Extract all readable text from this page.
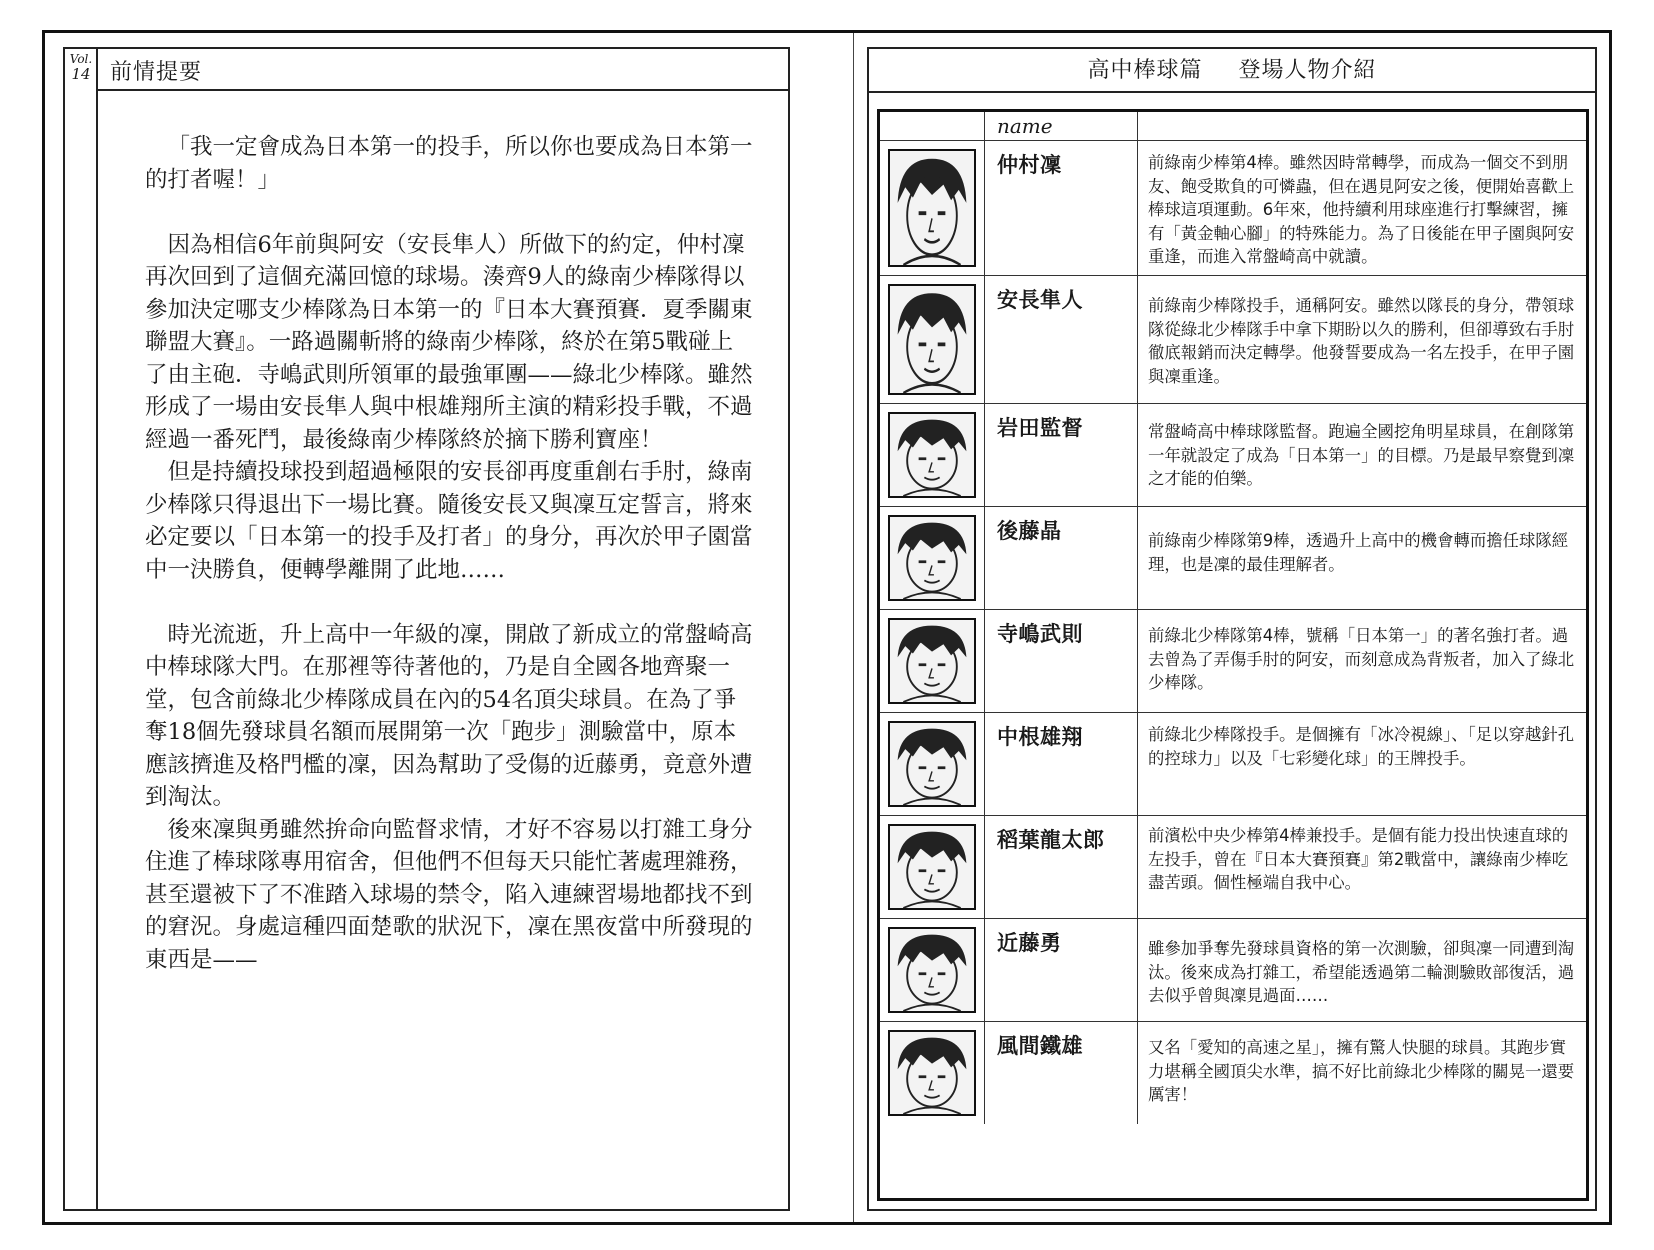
Vol.
14 前情提要

「我一定會成為日本第一的投手，所以你也要成為日本第一的打者喔！」

因為相信6年前與阿安（安長隼人）所做下的約定，仲村凜再次回到了這個充滿回憶的球場。湊齊9人的綠南少棒隊得以參加決定哪支少棒隊為日本第一的『日本大賽預賽．夏季關東聯盟大賽』。一路過關斬將的綠南少棒隊，終於在第5戰碰上了由主砲．寺嶋武則所領軍的最強軍團——綠北少棒隊。雖然形成了一場由安長隼人與中根雄翔所主演的精彩投手戰，不過經過一番死鬥，最後綠南少棒隊終於摘下勝利寶座！

但是持續投球投到超過極限的安長卻再度重創右手肘，綠南少棒隊只得退出下一場比賽。隨後安長又與凜互定誓言，將來必定要以「日本第一的投手及打者」的身分，再次於甲子園當中一決勝負，便轉學離開了此地……

時光流逝，升上高中一年級的凜，開啟了新成立的常盤崎高中棒球隊大門。在那裡等待著他的，乃是自全國各地齊聚一堂，包含前綠北少棒隊成員在內的54名頂尖球員。在為了爭奪18個先發球員名額而展開第一次「跑步」測驗當中，原本應該擠進及格門檻的凜，因為幫助了受傷的近藤勇，竟意外遭到淘汰。

後來凜與勇雖然拚命向監督求情，才好不容易以打雜工身分住進了棒球隊專用宿舍，但他們不但每天只能忙著處理雜務，甚至還被下了不准踏入球場的禁令，陷入連練習場地都找不到的窘況。身處這種四面楚歌的狀況下，凜在黑夜當中所發現的東西是——

高中棒球篇 登場人物介紹
name
仲村凜	前綠南少棒第4棒。雖然因時常轉學，而成為一個交不到朋友、飽受欺負的可憐蟲，但在遇見阿安之後，便開始喜歡上棒球這項運動。6年來，他持續利用球座進行打擊練習，擁有「黃金軸心腳」的特殊能力。為了日後能在甲子園與阿安重逢，而進入常盤崎高中就讀。
安長隼人	前綠南少棒隊投手，通稱阿安。雖然以隊長的身分，帶領球隊從綠北少棒隊手中拿下期盼以久的勝利，但卻導致右手肘徹底報銷而決定轉學。他發誓要成為一名左投手，在甲子園與凜重逢。
岩田監督	常盤崎高中棒球隊監督。跑遍全國挖角明星球員，在創隊第一年就設定了成為「日本第一」的目標。乃是最早察覺到凜之才能的伯樂。
後藤晶	前綠南少棒隊第9棒，透過升上高中的機會轉而擔任球隊經理，也是凜的最佳理解者。
寺嶋武則	前綠北少棒隊第4棒，號稱「日本第一」的著名強打者。過去曾為了弄傷手肘的阿安，而刻意成為背叛者，加入了綠北少棒隊。
中根雄翔	前綠北少棒隊投手。是個擁有「冰冷視線」、「足以穿越針孔的控球力」以及「七彩變化球」的王牌投手。
稻葉龍太郎	前濱松中央少棒第4棒兼投手。是個有能力投出快速直球的左投手，曾在『日本大賽預賽』第2戰當中，讓綠南少棒吃盡苦頭。個性極端自我中心。
近藤勇	雖參加爭奪先發球員資格的第一次測驗，卻與凜一同遭到淘汰。後來成為打雜工，希望能透過第二輪測驗敗部復活，過去似乎曾與凜見過面……
風間鐵雄	又名「愛知的高速之星」，擁有驚人快腿的球員。其跑步實力堪稱全國頂尖水準，搞不好比前綠北少棒隊的關晃一還要厲害！
